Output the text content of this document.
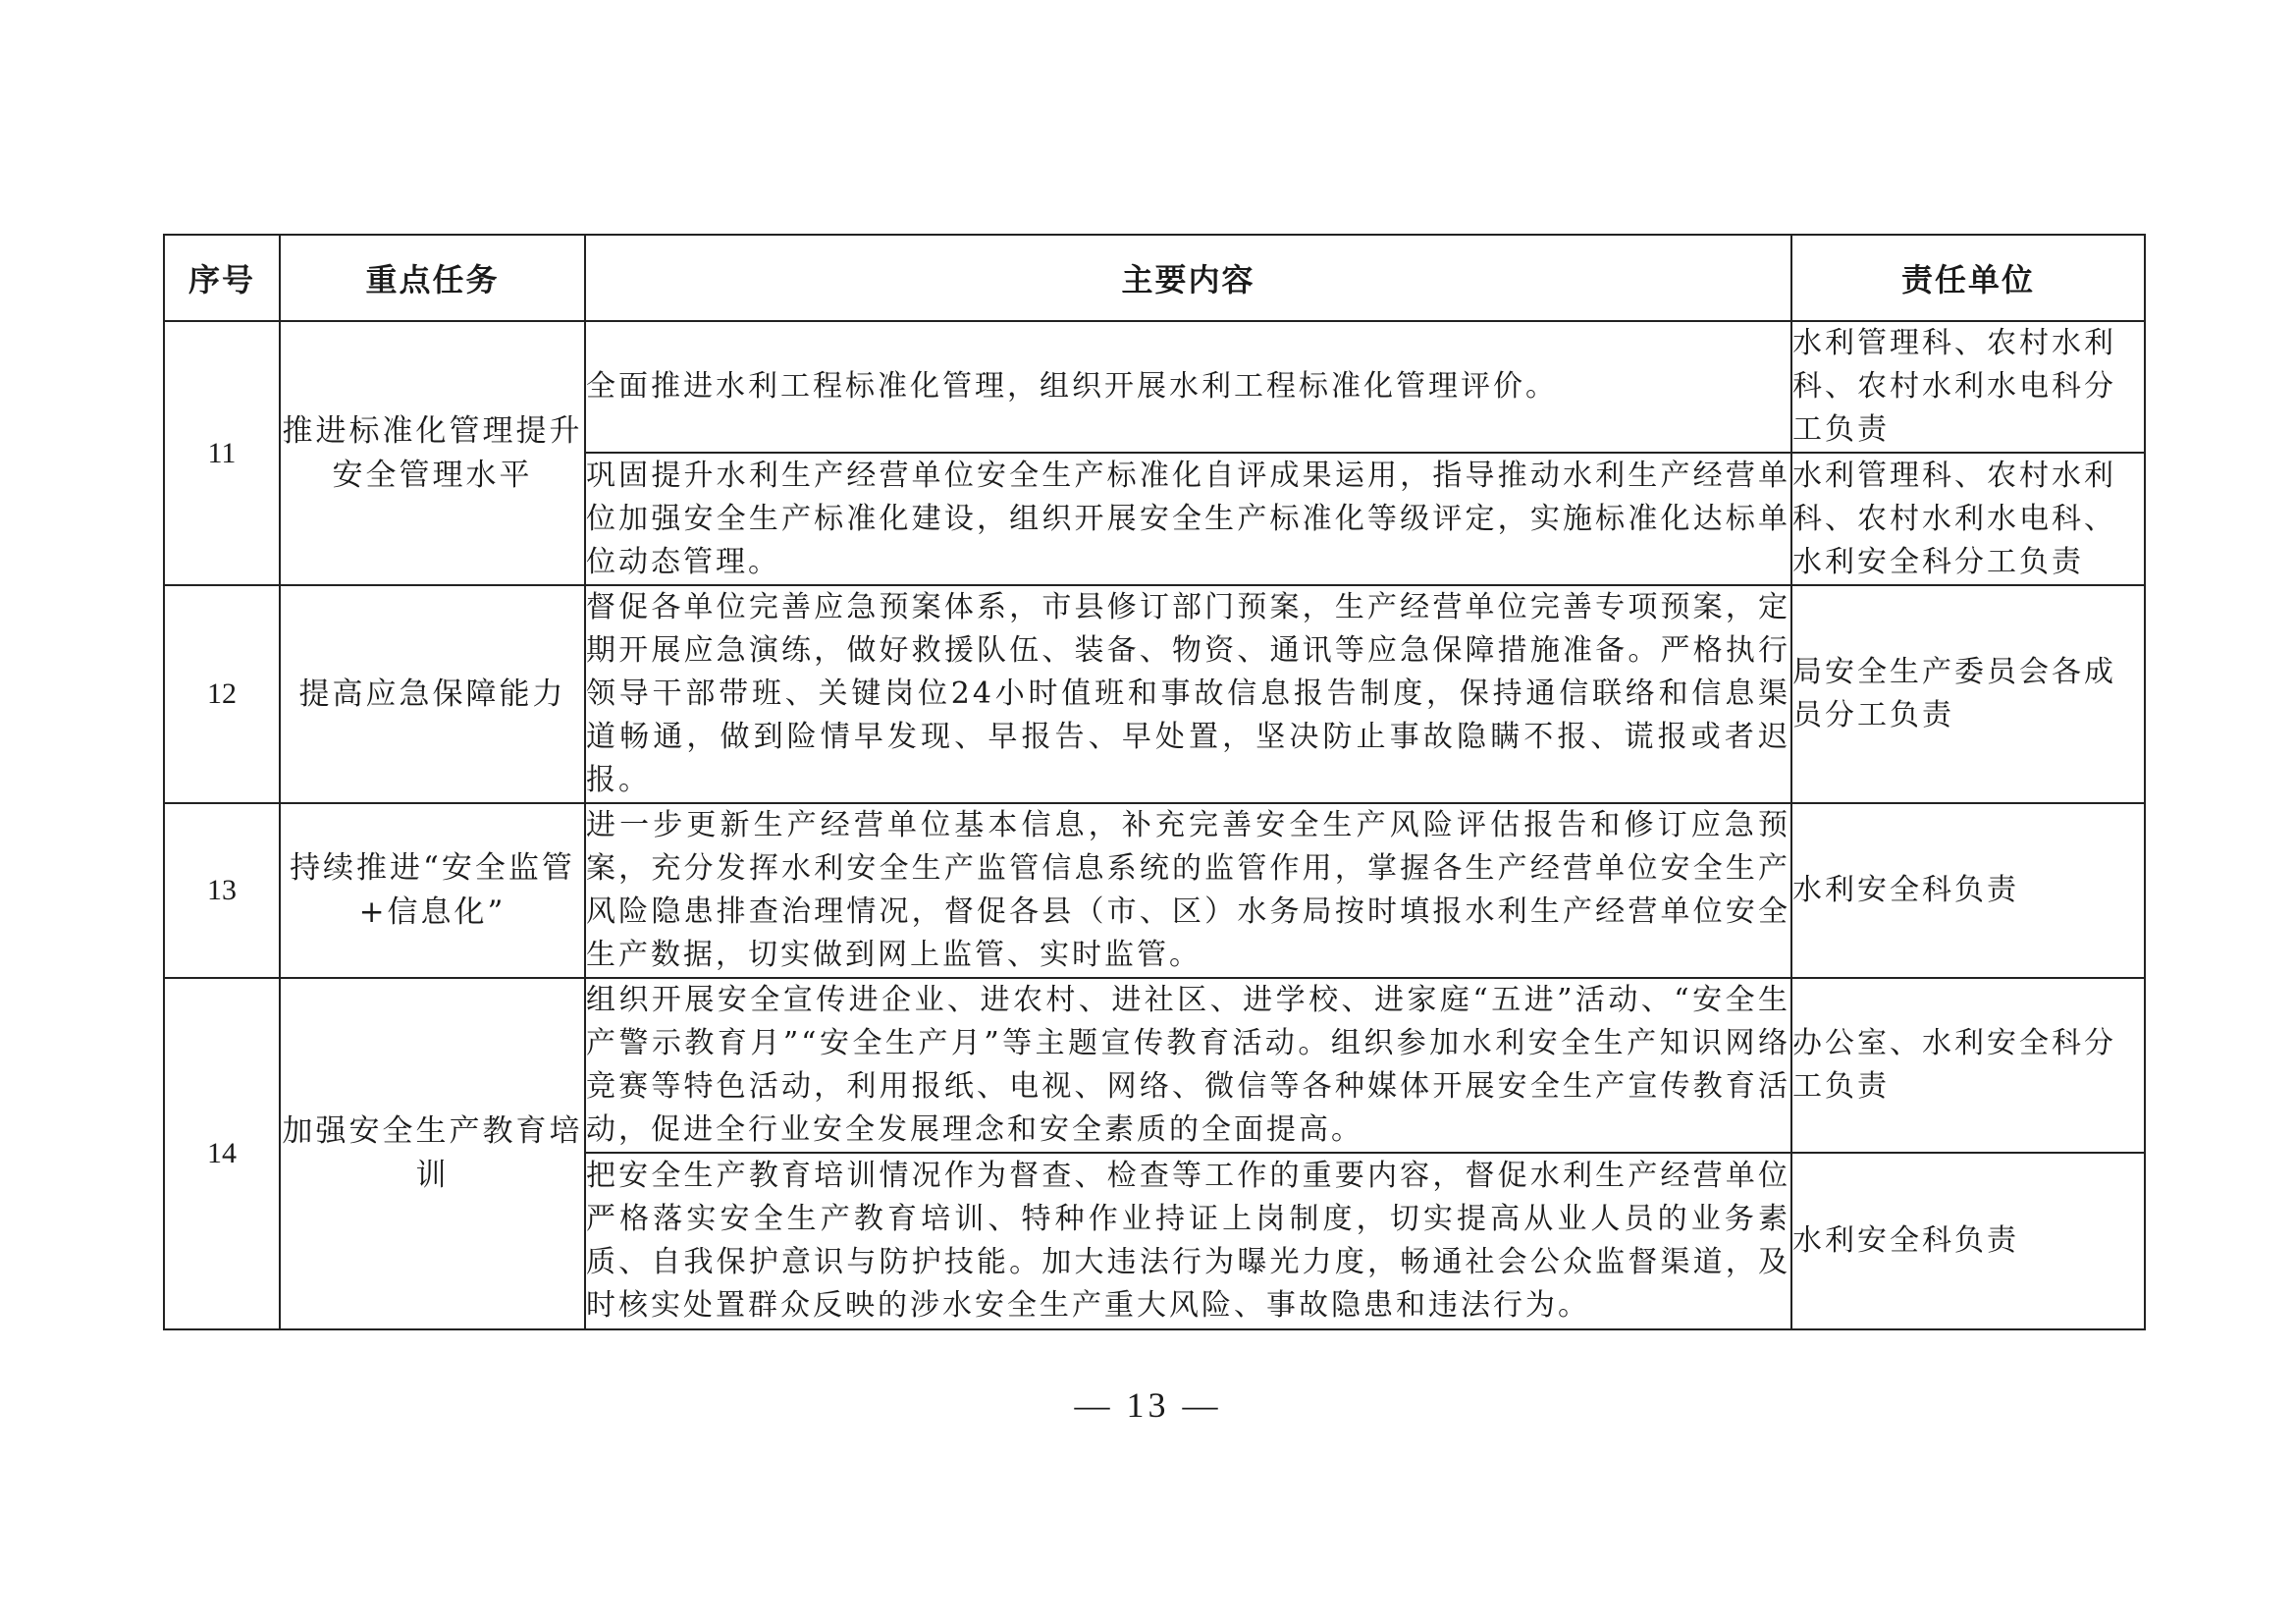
序号	重点任务	主要内容	责任单位
11	推进标准化管理提升安全管理水平	全面推进水利工程标准化管理，组织开展水利工程标准化管理评价。	水利管理科、农村水利科、农村水利水电科分工负责
		巩固提升水利生产经营单位安全生产标准化自评成果运用，指导推动水利生产经营单位加强安全生产标准化建设，组织开展安全生产标准化等级评定，实施标准化达标单位动态管理。	水利管理科、农村水利科、农村水利水电科、水利安全科分工负责
12	提高应急保障能力	督促各单位完善应急预案体系，市县修订部门预案，生产经营单位完善专项预案，定期开展应急演练，做好救援队伍、装备、物资、通讯等应急保障措施准备。严格执行领导干部带班、关键岗位24小时值班和事故信息报告制度，保持通信联络和信息渠道畅通，做到险情早发现、早报告、早处置，坚决防止事故隐瞒不报、谎报或者迟报。	局安全生产委员会各成员分工负责
13	持续推进“安全监管+信息化”	进一步更新生产经营单位基本信息，补充完善安全生产风险评估报告和修订应急预案，充分发挥水利安全生产监管信息系统的监管作用，掌握各生产经营单位安全生产风险隐患排查治理情况，督促各县（市、区）水务局按时填报水利生产经营单位安全生产数据，切实做到网上监管、实时监管。	水利安全科负责
14	加强安全生产教育培训	组织开展安全宣传进企业、进农村、进社区、进学校、进家庭“五进”活动、“安全生产警示教育月”“安全生产月”等主题宣传教育活动。组织参加水利安全生产知识网络竞赛等特色活动，利用报纸、电视、网络、微信等各种媒体开展安全生产宣传教育活动，促进全行业安全发展理念和安全素质的全面提高。	办公室、水利安全科分工负责
		把安全生产教育培训情况作为督查、检查等工作的重要内容，督促水利生产经营单位严格落实安全生产教育培训、特种作业持证上岗制度，切实提高从业人员的业务素质、自我保护意识与防护技能。加大违法行为曝光力度，畅通社会公众监督渠道，及时核实处置群众反映的涉水安全生产重大风险、事故隐患和违法行为。	水利安全科负责
— 13 —
